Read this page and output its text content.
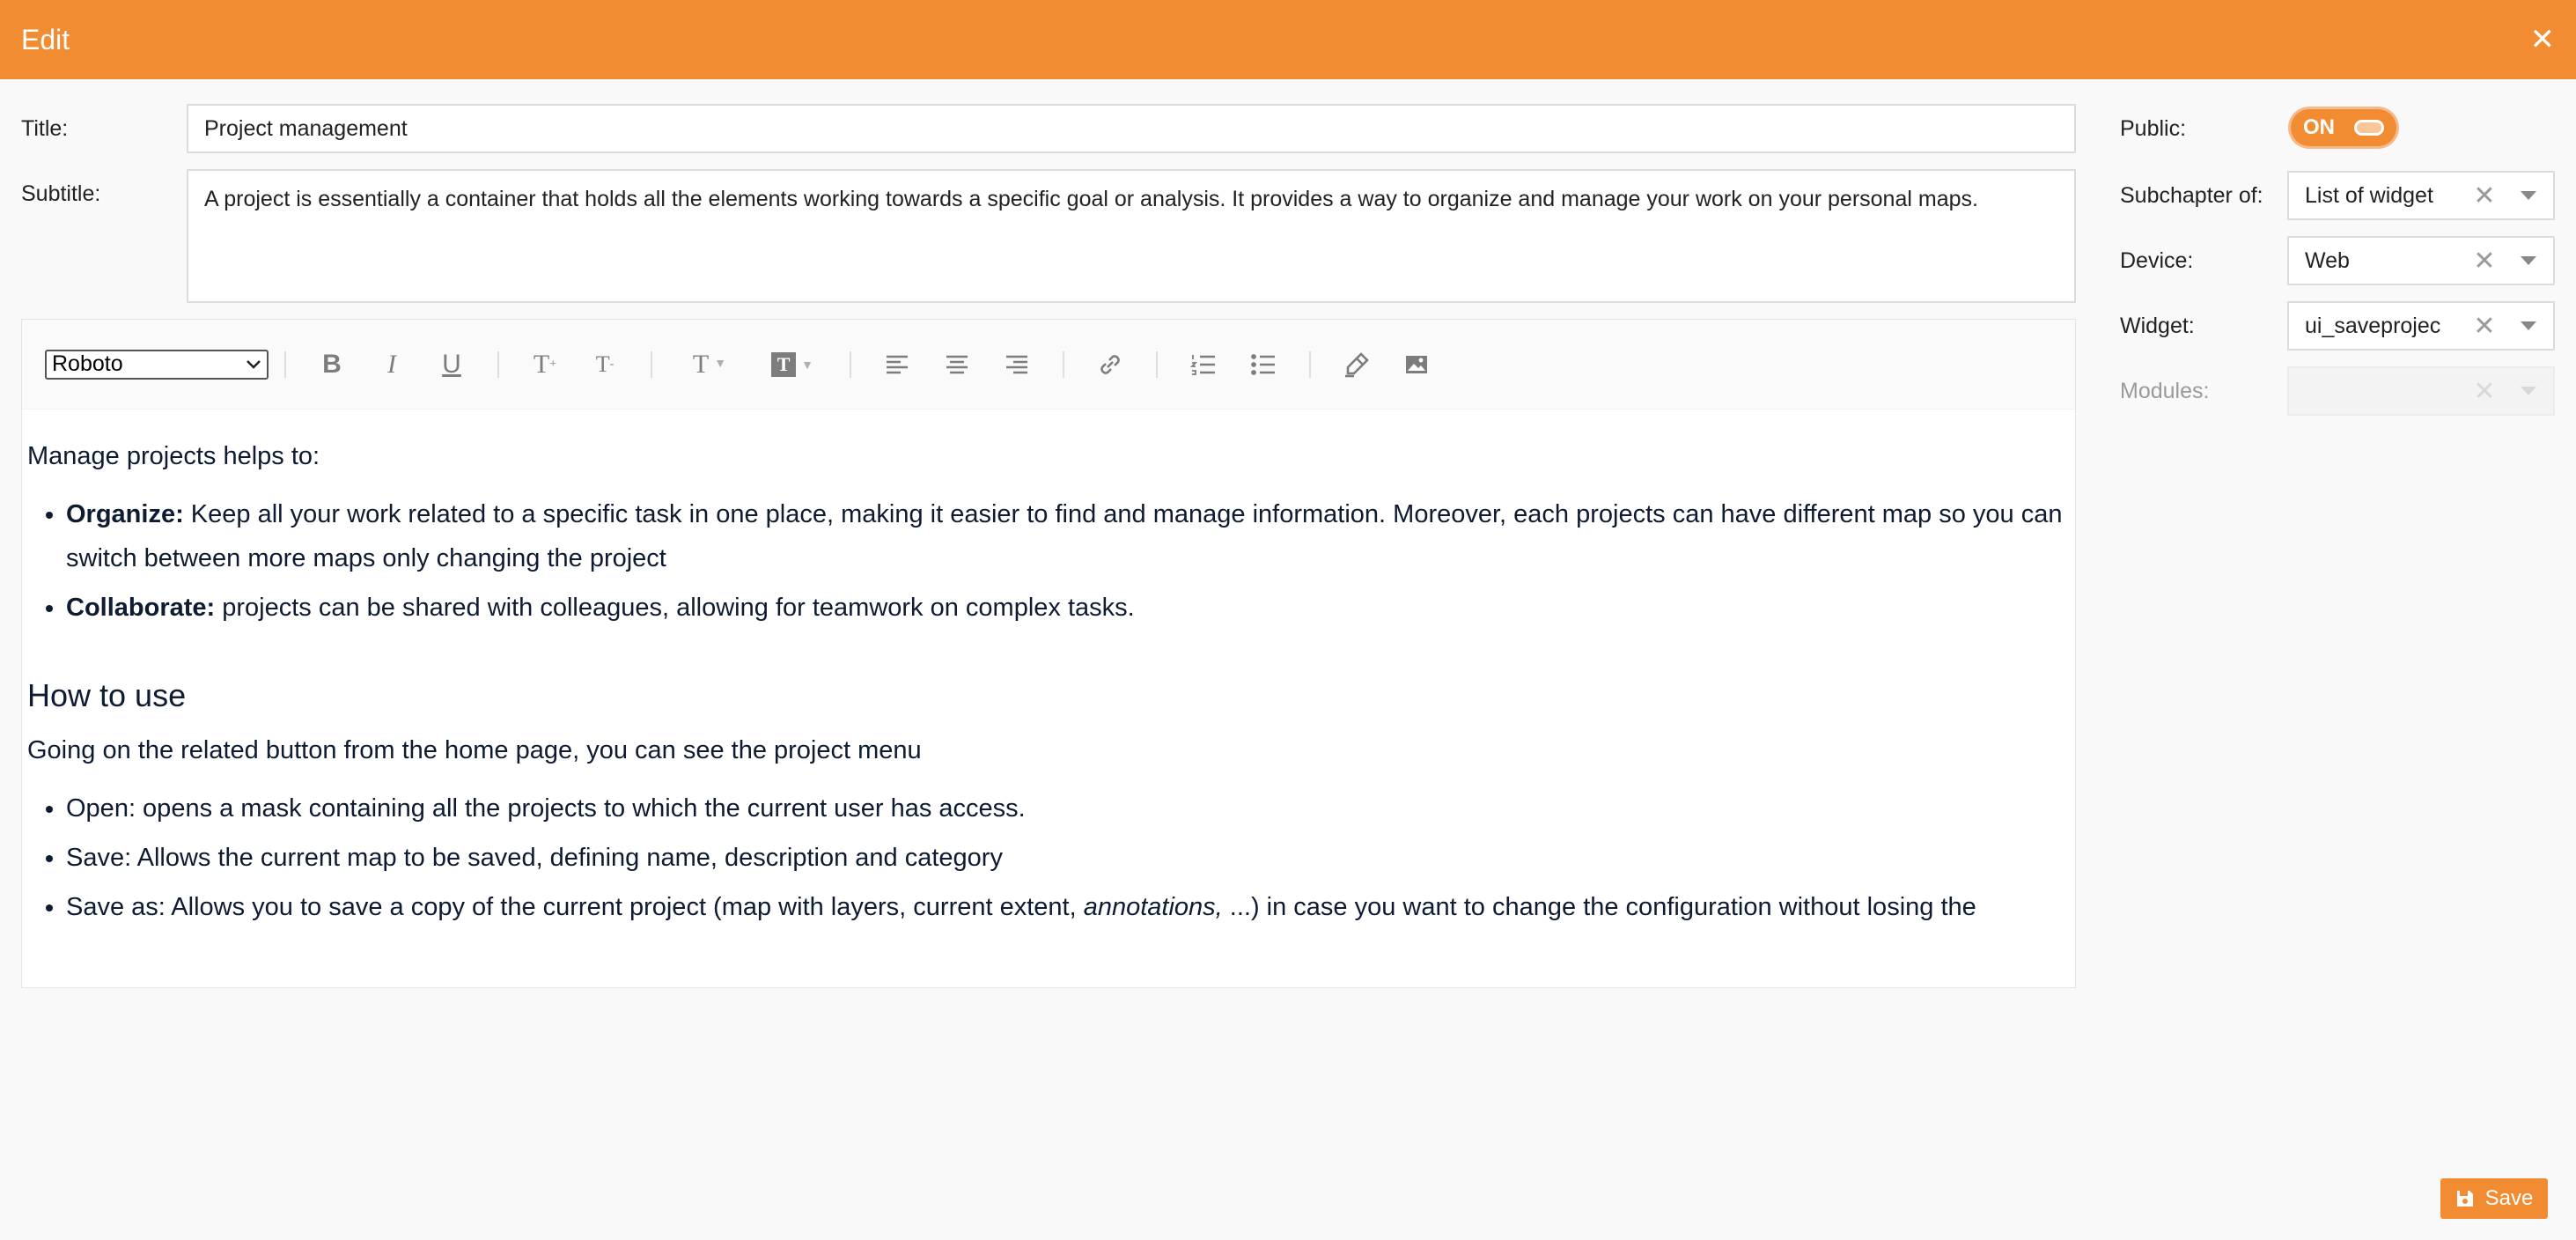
Edit	✕
Title:	Project management
Subtitle:	A project is essentially a container that holds all the elements working towards a specific goal or analysis. It provides a way to organize and manage your work on your personal maps.
Roboto	B	I	U	T +	T -	T ▼	T ▼

Manage projects helps to:

• Organize: Keep all your work related to a specific task in one place, making it easier to find and manage information. Moreover, each projects can have different map so you can switch between more maps only changing the project
• Collaborate: projects can be shared with colleagues, allowing for teamwork on complex tasks.
How to use

Going on the related button from the home page, you can see the project menu

• Open: opens a mask containing all the projects to which the current user has access.
• Save: Allows the current map to be saved, defining name, description and category
• Save as: Allows you to save a copy of the current project (map with layers, current extent, annotations, ...) in case you want to change the configuration without losing the
Public:	ON
Subchapter of:	List of widget	✕
Device:	Web	✕
Widget:	ui_saveprojec	✕
Modules:	✕
Save
